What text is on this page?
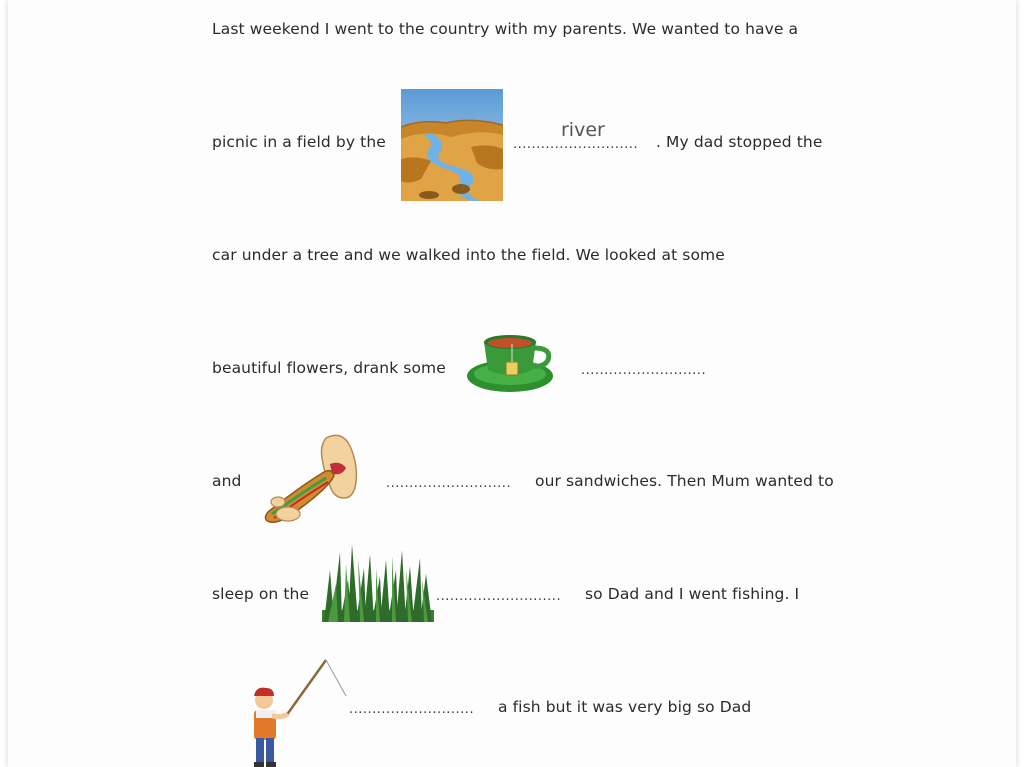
Last weekend I went to the country with my parents. We wanted to have a
picnic in a field by the
river
........................... . My dad stopped the
car under a tree and we walked into the field. We looked at some
beautiful flowers, drank some	...........................
and	........................... our sandwiches. Then Mum wanted to
sleep on the	........................... so Dad and I went fishing. I
........................... a fish but it was very big so Dad
